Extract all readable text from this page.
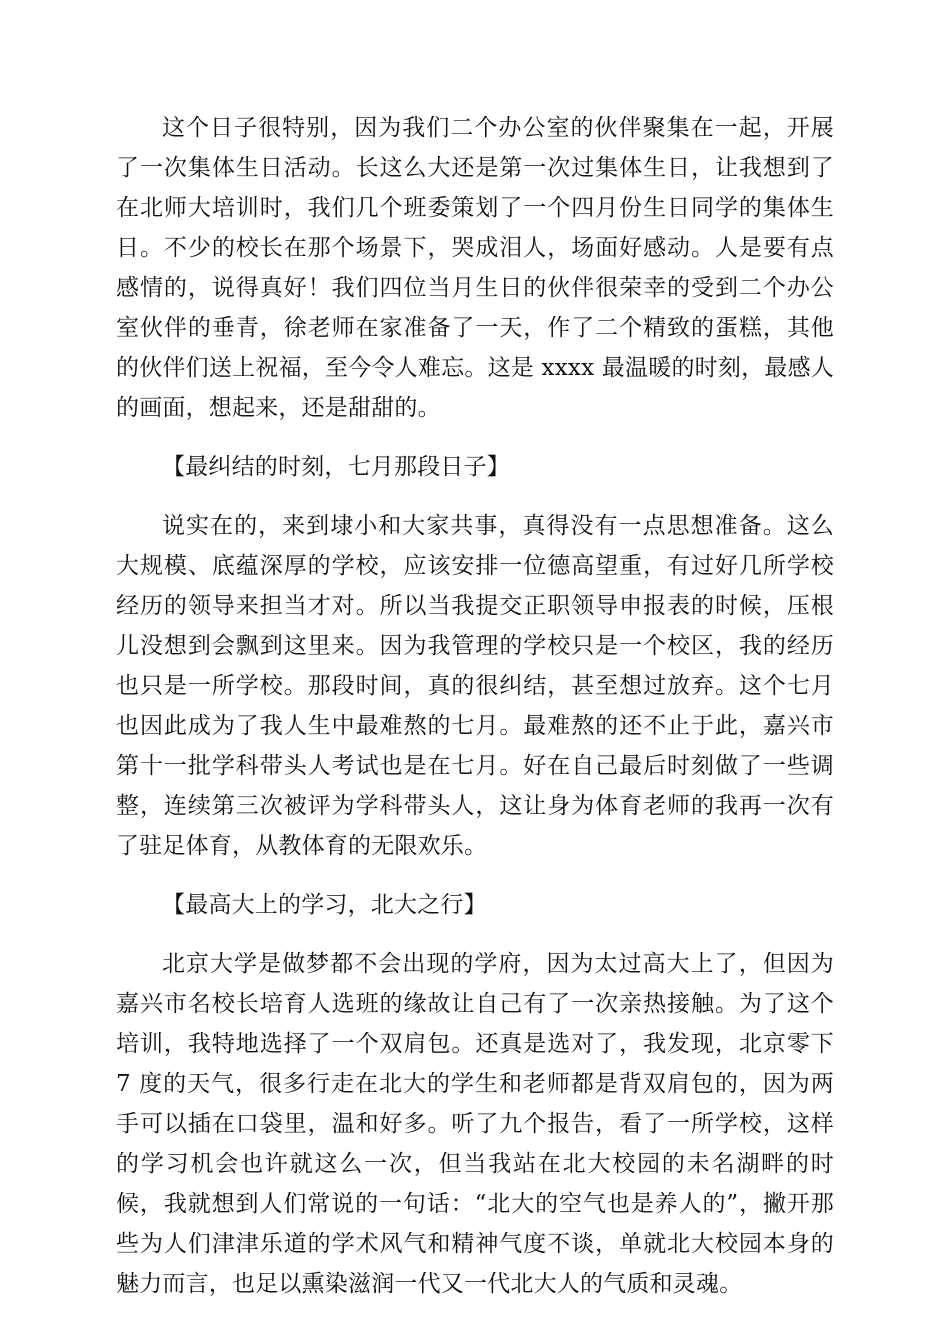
这个日子很特别，因为我们二个办公室的伙伴聚集在一起，开展了一次集体生日活动。长这么大还是第一次过集体生日，让我想到了在北师大培训时，我们几个班委策划了一个四月份生日同学的集体生日。不少的校长在那个场景下，哭成泪人，场面好感动。人是要有点感情的，说得真好！我们四位当月生日的伙伴很荣幸的受到二个办公室伙伴的垂青，徐老师在家准备了一天，作了二个精致的蛋糕，其他的伙伴们送上祝福，至今令人难忘。这是 xxxx 最温暖的时刻，最感人的画面，想起来，还是甜甜的。

【最纠结的时刻，七月那段日子】

说实在的，来到埭小和大家共事，真得没有一点思想准备。这么大规模、底蕴深厚的学校，应该安排一位德高望重，有过好几所学校经历的领导来担当才对。所以当我提交正职领导申报表的时候，压根儿没想到会飘到这里来。因为我管理的学校只是一个校区，我的经历也只是一所学校。那段时间，真的很纠结，甚至想过放弃。这个七月也因此成为了我人生中最难熬的七月。最难熬的还不止于此，嘉兴市第十一批学科带头人考试也是在七月。好在自己最后时刻做了一些调整，连续第三次被评为学科带头人，这让身为体育老师的我再一次有了驻足体育，从教体育的无限欢乐。

【最高大上的学习，北大之行】

北京大学是做梦都不会出现的学府，因为太过高大上了，但因为嘉兴市名校长培育人选班的缘故让自己有了一次亲热接触。为了这个培训，我特地选择了一个双肩包。还真是选对了，我发现，北京零下 7 度的天气，很多行走在北大的学生和老师都是背双肩包的，因为两手可以插在口袋里，温和好多。听了九个报告，看了一所学校，这样的学习机会也许就这么一次，但当我站在北大校园的未名湖畔的时候，我就想到人们常说的一句话：“北大的空气也是养人的”，撇开那些为人们津津乐道的学术风气和精神气度不谈，单就北大校园本身的魅力而言，也足以熏染滋润一代又一代北大人的气质和灵魂。
